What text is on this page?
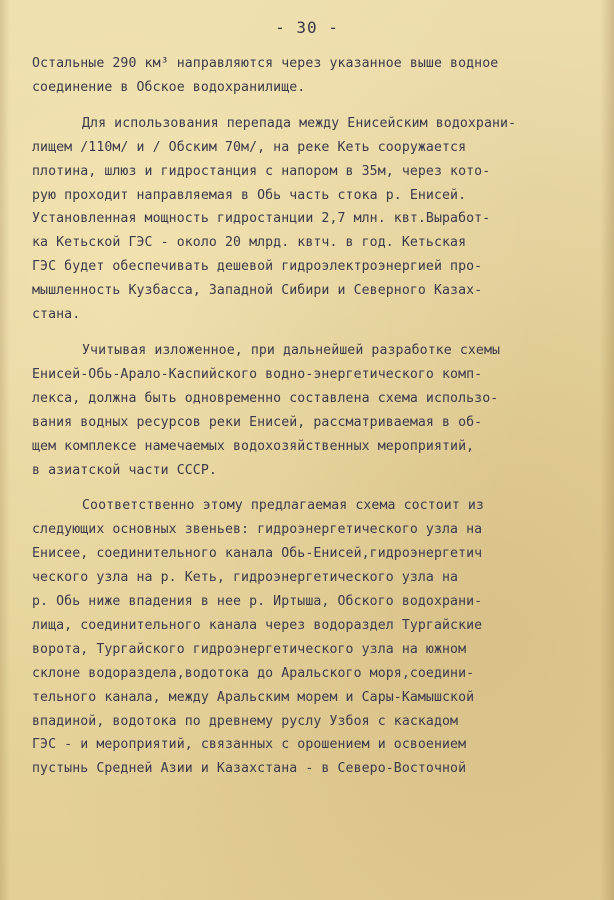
- 30 -
Остальные 290 км³ направляются через указанное выше водное
соединение в Обское водохранилище.
Для использования перепада между Енисейским водохрани-
лищем /110м/ и / Обским 70м/, на реке Кеть сооружается
плотина, шлюз и гидростанция с напором в 35м, через кото-
рую проходит направляемая в Обь часть стока р. Енисей.
Установленная мощность гидростанции 2,7 млн. квт.Выработ-
ка Кетьской ГЭС - около 20 млрд. квтч. в год. Кетьская
ГЭС будет обеспечивать дешевой гидроэлектроэнергией про-
мышленность Кузбасса, Западной Сибири и Северного Казах-
стана.
Учитывая изложенное, при дальнейшей разработке схемы
Енисей-Обь-Арало-Каспийского водно-энергетического комп-
лекса, должна быть одновременно составлена схема использо-
вания водных ресурсов реки Енисей, рассматриваемая в об-
щем комплексе намечаемых водохозяйственных мероприятий,
в азиатской части СССР.
Соответственно этому предлагаемая схема состоит из
следующих основных звеньев: гидроэнергетического узла на
Енисее, соединительного канала Обь-Енисей,гидроэнергетич
ческого узла на р. Кеть, гидроэнергетического узла на
р. Обь ниже впадения в нее р. Иртыша, Обского водохрани-
лища, соединительного канала через водораздел Тургайские
ворота, Тургайского гидроэнергетического узла на южном
склоне водораздела,водотока до Аральского моря,соедини-
тельного канала, между Аральским морем и Сары-Камышской
впадиной, водотока по древнему руслу Узбоя с каскадом
ГЭС - и мероприятий, связанных с орошением и освоением
пустынь Средней Азии и Казахстана - в Северо-Восточной
